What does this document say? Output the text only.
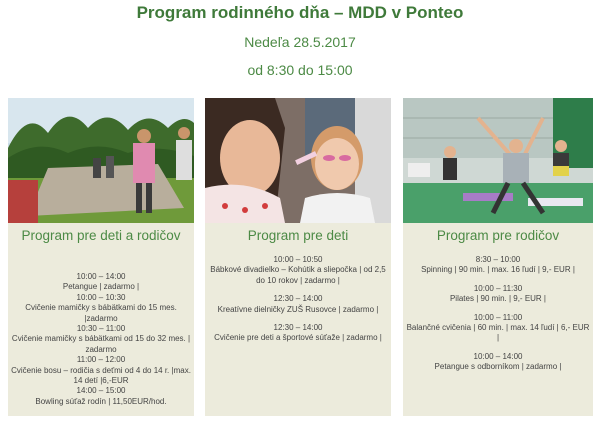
Program rodinného dňa – MDD v Ponteo
Nedeľa 28.5.2017
od 8:30 do 15:00
Program pre deti a rodičov
10:00 – 14:00
Petangue | zadarmo |
10:00 – 10:30
Cvičenie mamičky s bábätkami do 15 mes. |zadarmo
10:30 – 11:00
Cvičenie mamičky s bábätkami od 15 do 32 mes. | zadarmo
11:00 – 12:00
Cvičenie bosu – rodičia s deťmi od 4 do 14 r. |max. 14 detí |6,-EUR
14:00 – 15:00
Bowling súťaž rodín | 11,50EUR/hod.
Program pre deti
10:00 – 10:50
Bábkové divadielko – Kohútik a sliepočka | od 2,5 do 10 rokov | zadarmo |
12:30 – 14:00
Kreatívne dielničky ZUŠ Rusovce | zadarmo |
12:30 – 14:00
Cvičenie pre deti a športové súťaže | zadarmo |
Program pre rodičov
8:30 – 10:00
Spinning | 90 min. | max. 16 ľudí | 9,- EUR |
10:00 – 11:30
Pilates | 90 min. | 9,- EUR |
10:00 – 11:00
Balančné cvičenia | 60 min. | max. 14 ľudí | 6,- EUR |
10:00 – 14:00
Petangue s odborníkom | zadarmo |
